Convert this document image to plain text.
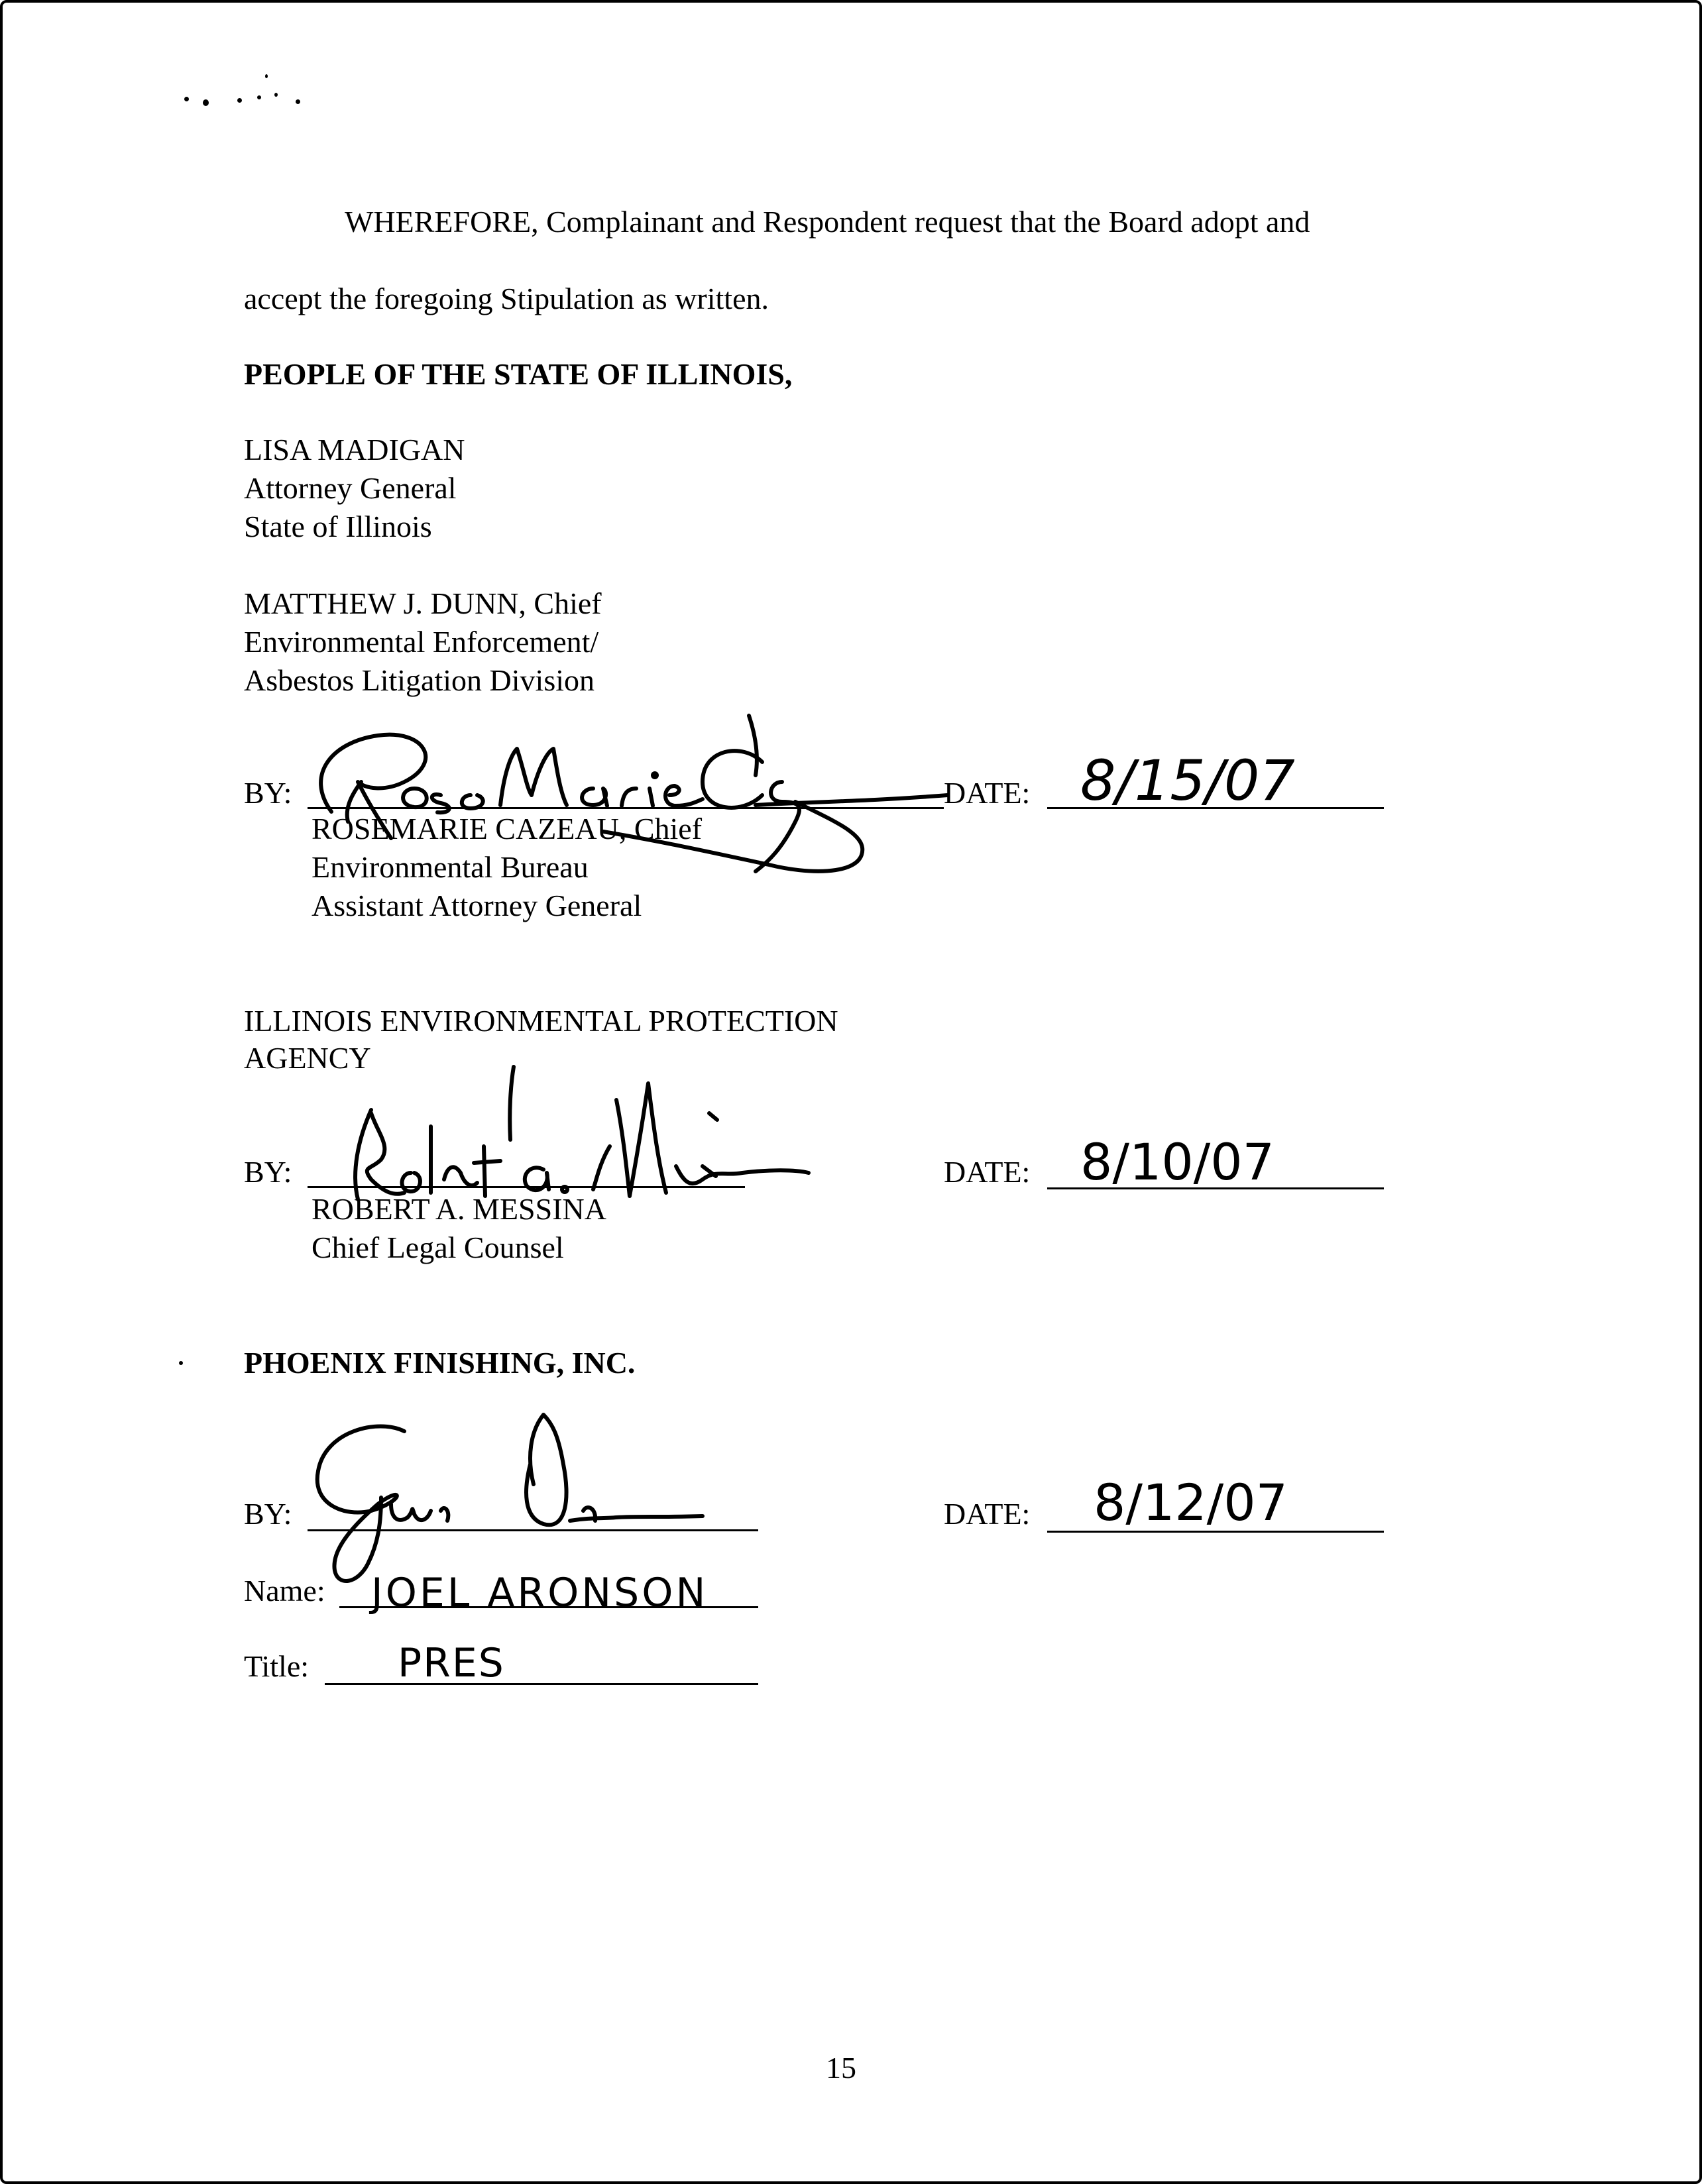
WHEREFORE, Complainant and Respondent request that the Board adopt and
accept the foregoing Stipulation as written.
PEOPLE OF THE STATE OF ILLINOIS,
LISA MADIGAN
Attorney General
State of Illinois
MATTHEW J. DUNN, Chief
Environmental Enforcement/
Asbestos Litigation Division
BY:	DATE: 8/15/07
ROSEMARIE CAZEAU, Chief
Environmental Bureau
Assistant Attorney General
ILLINOIS ENVIRONMENTAL PROTECTION
AGENCY
BY:	DATE: 8/10/07
ROBERT A. MESSINA
Chief Legal Counsel
PHOENIX FINISHING, INC.
BY:	DATE: 8/12/07
Name: JOEL ARONSON
Title: PRES
15
